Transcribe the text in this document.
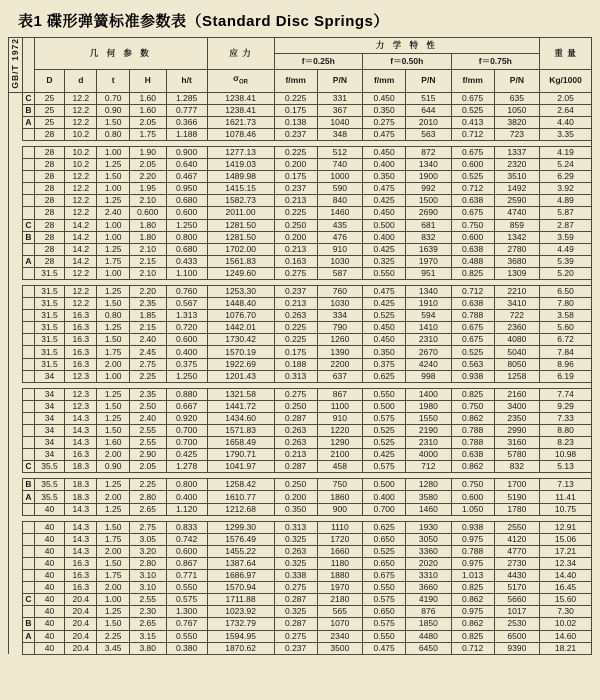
表1 碟形弹簧标准参数表（Standard Disc Springs）
GB/T 1972		几 何 参 数					应 力	力 学 特 性						重 量
								f＝0.25h		f＝0.50h		f＝0.75h		
		D	d	t	H	h/t	$\sigma_{OR}$	f/mm	P/N	f/mm	P/N	f/mm	P/N	Kg/1000
	C	25	12.2	0.70	1.60	1.285	1238.41	0.225	331	0.450	515	0.675	635	2.05
	B	25	12.2	0.90	1.60	0.777	1238.41	0.175	367	0.350	644	0.525	1050	2.64
	A	25	12.2	1.50	2.05	0.366	1621.73	0.138	1040	0.275	2010	0.413	3820	4.40
		28	10.2	0.80	1.75	1.188	1078.46	0.237	348	0.475	563	0.712	723	3.35

		28	10.2	1.00	1.90	0.900	1277.13	0.225	512	0.450	872	0.675	1337	4.19
		28	10.2	1.25	2.05	0.640	1419.03	0.200	740	0.400	1340	0.600	2320	5.24
		28	12.2	1.50	2.20	0.467	1489.98	0.175	1000	0.350	1900	0.525	3510	6.29
		28	12.2	1.00	1.95	0.950	1415.15	0.237	590	0.475	992	0.712	1492	3.92
		28	12.2	1.25	2.10	0.680	1582.73	0.213	840	0.425	1500	0.638	2590	4.89
		28	12.2	2.40	0.600	0.600	2011.00	0.225	1460	0.450	2690	0.675	4740	5.87
	C	28	14.2	1.00	1.80	1.250	1281.50	0.250	435	0.500	681	0.750	859	2.87
	B	28	14.2	1.00	1.80	0.800	1281.50	0.200	476	0.400	832	0.600	1342	3.59
		28	14.2	1.25	2.10	0.680	1702.00	0.213	910	0.425	1639	0.638	2780	4.49
	A	28	14.2	1.75	2.15	0.433	1561.83	0.163	1030	0.325	1970	0.488	3680	5.39
		31.5	12.2	1.00	2.10	1.100	1249.60	0.275	587	0.550	951	0.825	1309	5.20

		31.5	12.2	1.25	2.20	0.760	1253.30	0.237	760	0.475	1340	0.712	2210	6.50
		31.5	12.2	1.50	2.35	0.567	1448.40	0.213	1030	0.425	1910	0.638	3410	7.80
		31.5	16.3	0.80	1.85	1.313	1076.70	0.263	334	0.525	594	0.788	722	3.58
		31.5	16.3	1.25	2.15	0.720	1442.01	0.225	790	0.450	1410	0.675	2360	5.60
		31.5	16.3	1.50	2.40	0.600	1730.42	0.225	1260	0.450	2310	0.675	4080	6.72
		31.5	16.3	1.75	2.45	0.400	1570.19	0.175	1390	0.350	2670	0.525	5040	7.84
		31.5	16.3	2.00	2.75	0.375	1922.69	0.188	2200	0.375	4240	0.563	8050	8.96
		34	12.3	1.00	2.25	1.250	1201.43	0.313	637	0.625	998	0.938	1258	6.19

		34	12.3	1.25	2.35	0.880	1321.58	0.275	867	0.550	1400	0.825	2160	7.74
		34	12.3	1.50	2.50	0.667	1441.72	0.250	1100	0.500	1980	0.750	3400	9.29
		34	14.3	1.25	2.40	0.920	1434.60	0.287	910	0.575	1550	0.862	2350	7.33
		34	14.3	1.50	2.55	0.700	1571.83	0.263	1220	0.525	2190	0.788	2990	8.80
		34	14.3	1.60	2.55	0.700	1658.49	0.263	1290	0.525	2310	0.788	3160	8.23
		34	16.3	2.00	2.90	0.425	1790.71	0.213	2100	0.425	4000	0.638	5780	10.98
	C	35.5	18.3	0.90	2.05	1.278	1041.97	0.287	458	0.575	712	0.862	832	5.13

	B	35.5	18.3	1.25	2.25	0.800	1258.42	0.250	750	0.500	1280	0.750	1700	7.13
	A	35.5	18.3	2.00	2.80	0.400	1610.77	0.200	1860	0.400	3580	0.600	5190	11.41
		40	14.3	1.25	2.65	1.120	1212.68	0.350	900	0.700	1460	1.050	1780	10.75

		40	14.3	1.50	2.75	0.833	1299.30	0.313	1110	0.625	1930	0.938	2550	12.91
		40	14.3	1.75	3.05	0.742	1576.49	0.325	1720	0.650	3050	0.975	4120	15.06
		40	14.3	2.00	3.20	0.600	1455.22	0.263	1660	0.525	3360	0.788	4770	17.21
		40	16.3	1.50	2.80	0.867	1387.64	0.325	1180	0.650	2020	0.975	2730	12.34
		40	16.3	1.75	3.10	0.771	1686.97	0.338	1880	0.675	3310	1.013	4430	14.40
		40	16.3	2.00	3.10	0.550	1570.94	0.275	1970	0.550	3660	0.825	5170	16.45
	C	40	20.4	1.00	2.55	0.575	1711.88	0.287	2180	0.575	4190	0.862	5660	15.60
		40	20.4	1.25	2.30	1.300	1023.92	0.325	565	0.650	876	0.975	1017	7.30
	B	40	20.4	1.50	2.65	0.767	1732.79	0.287	1070	0.575	1850	0.862	2530	10.02
	A	40	20.4	2.25	3.15	0.550	1594.95	0.275	2340	0.550	4480	0.825	6500	14.60
		40	20.4	3.45	3.80	0.380	1870.62	0.237	3500	0.475	6450	0.712	9390	18.21
